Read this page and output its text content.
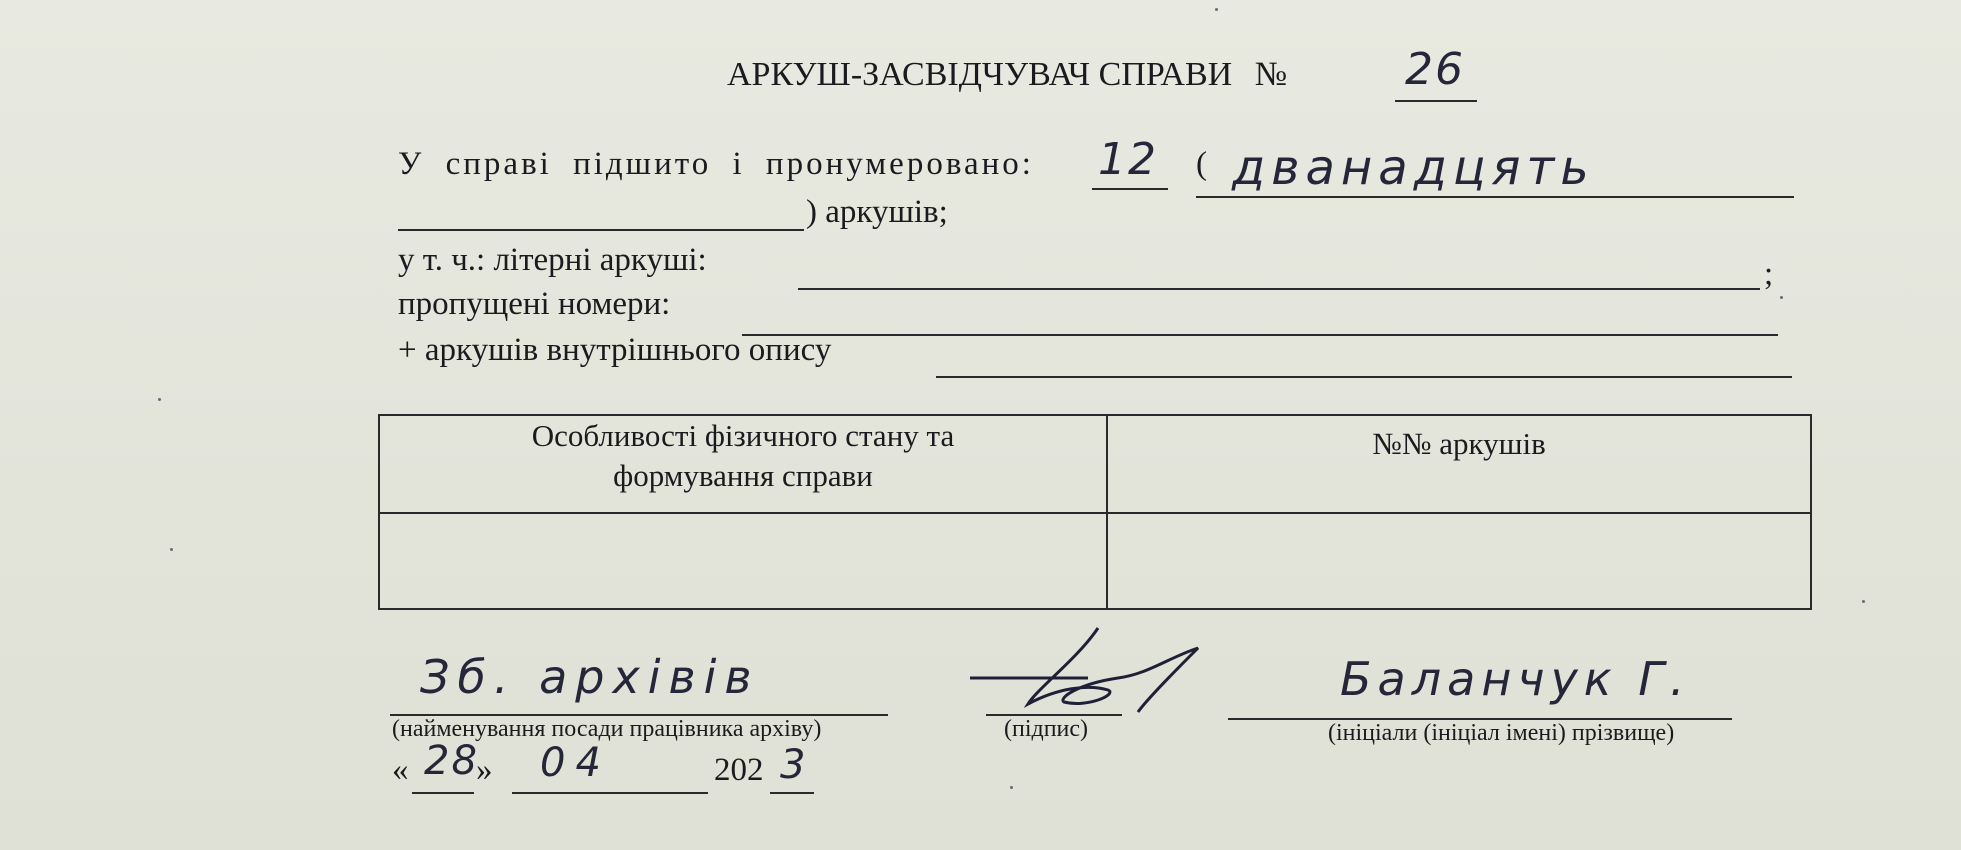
АРКУШ-ЗАСВІДЧУВАЧ СПРАВИ №	26
У справі підшито і пронумеровано: 12 ( дванадцять
) аркушів;
у т. ч.: літерні аркуші:	;
пропущені номери:
+ аркушів внутрішнього опису
Особливості фізичного стану та формування справи	№№ аркушів

Зб. архівів
(найменування посади працівника архіву)	(підпис)
Баланчук Г.
(ініціали (ініціал імені) прізвище)
« 28
» 04	202 3
